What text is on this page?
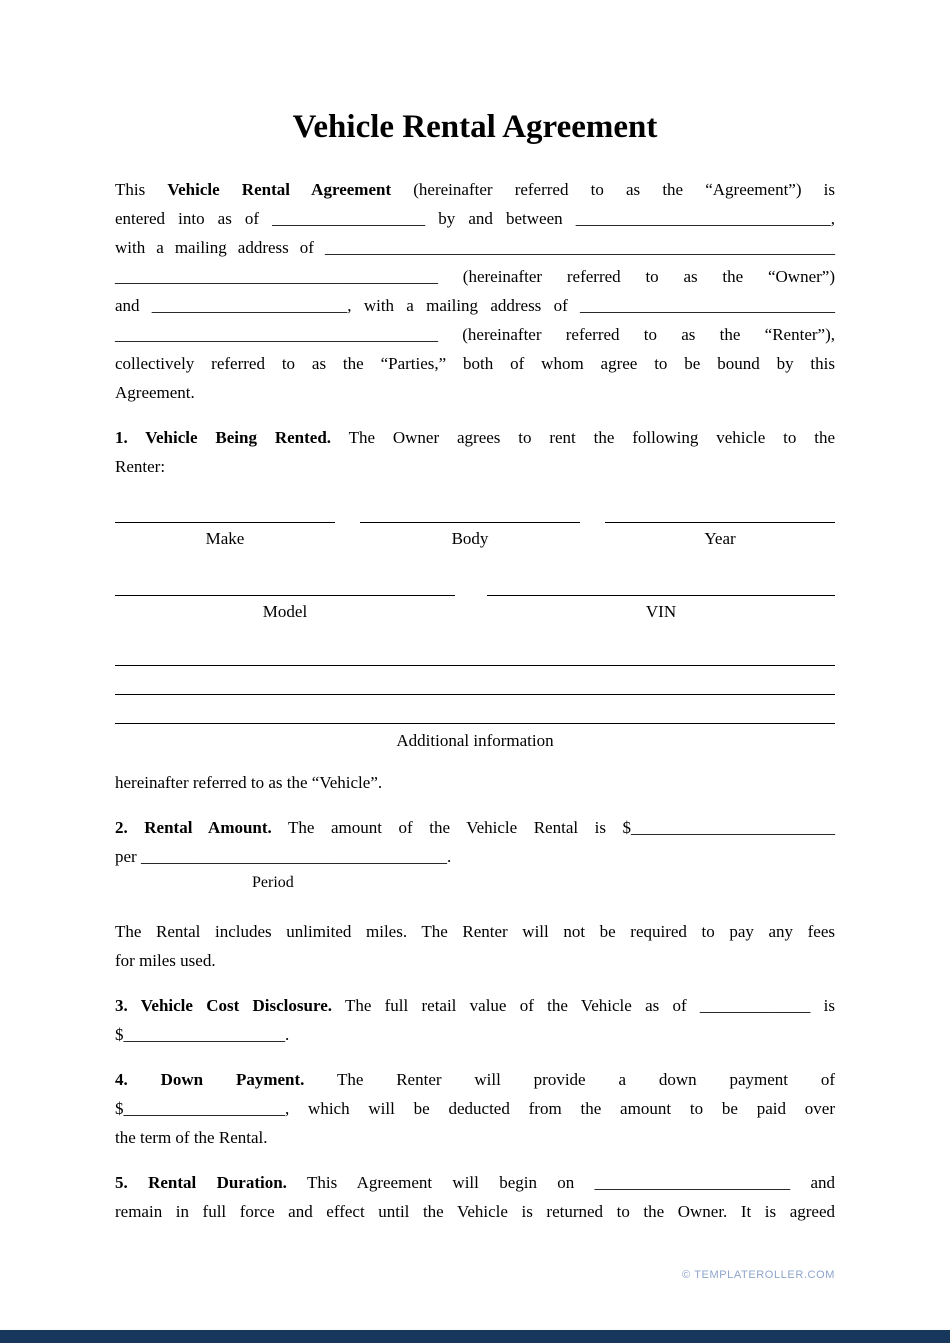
Vehicle Rental Agreement
This Vehicle Rental Agreement (hereinafter referred to as the “Agreement”) is
entered into as of __________________ by and between ______________________________,
with a mailing address of ____________________________________________________________
______________________________________ (hereinafter referred to as the “Owner”)
and _______________________, with a mailing address of ______________________________
______________________________________ (hereinafter referred to as the “Renter”),
collectively referred to as the “Parties,” both of whom agree to be bound by this
Agreement.
1. Vehicle Being Rented. The Owner agrees to rent the following vehicle to the
Renter:
Make	Body	Year
Model	VIN
Additional information
hereinafter referred to as the “Vehicle”.
2. Rental Amount. The amount of the Vehicle Rental is $________________________
per ____________________________________.
Period
The Rental includes unlimited miles. The Renter will not be required to pay any fees
for miles used.
3. Vehicle Cost Disclosure. The full retail value of the Vehicle as of _____________ is
$___________________.
4. Down Payment. The Renter will provide a down payment of
$___________________, which will be deducted from the amount to be paid over
the term of the Rental.
5. Rental Duration. This Agreement will begin on _______________________ and
remain in full force and effect until the Vehicle is returned to the Owner. It is agreed
© TEMPLATEROLLER.COM
